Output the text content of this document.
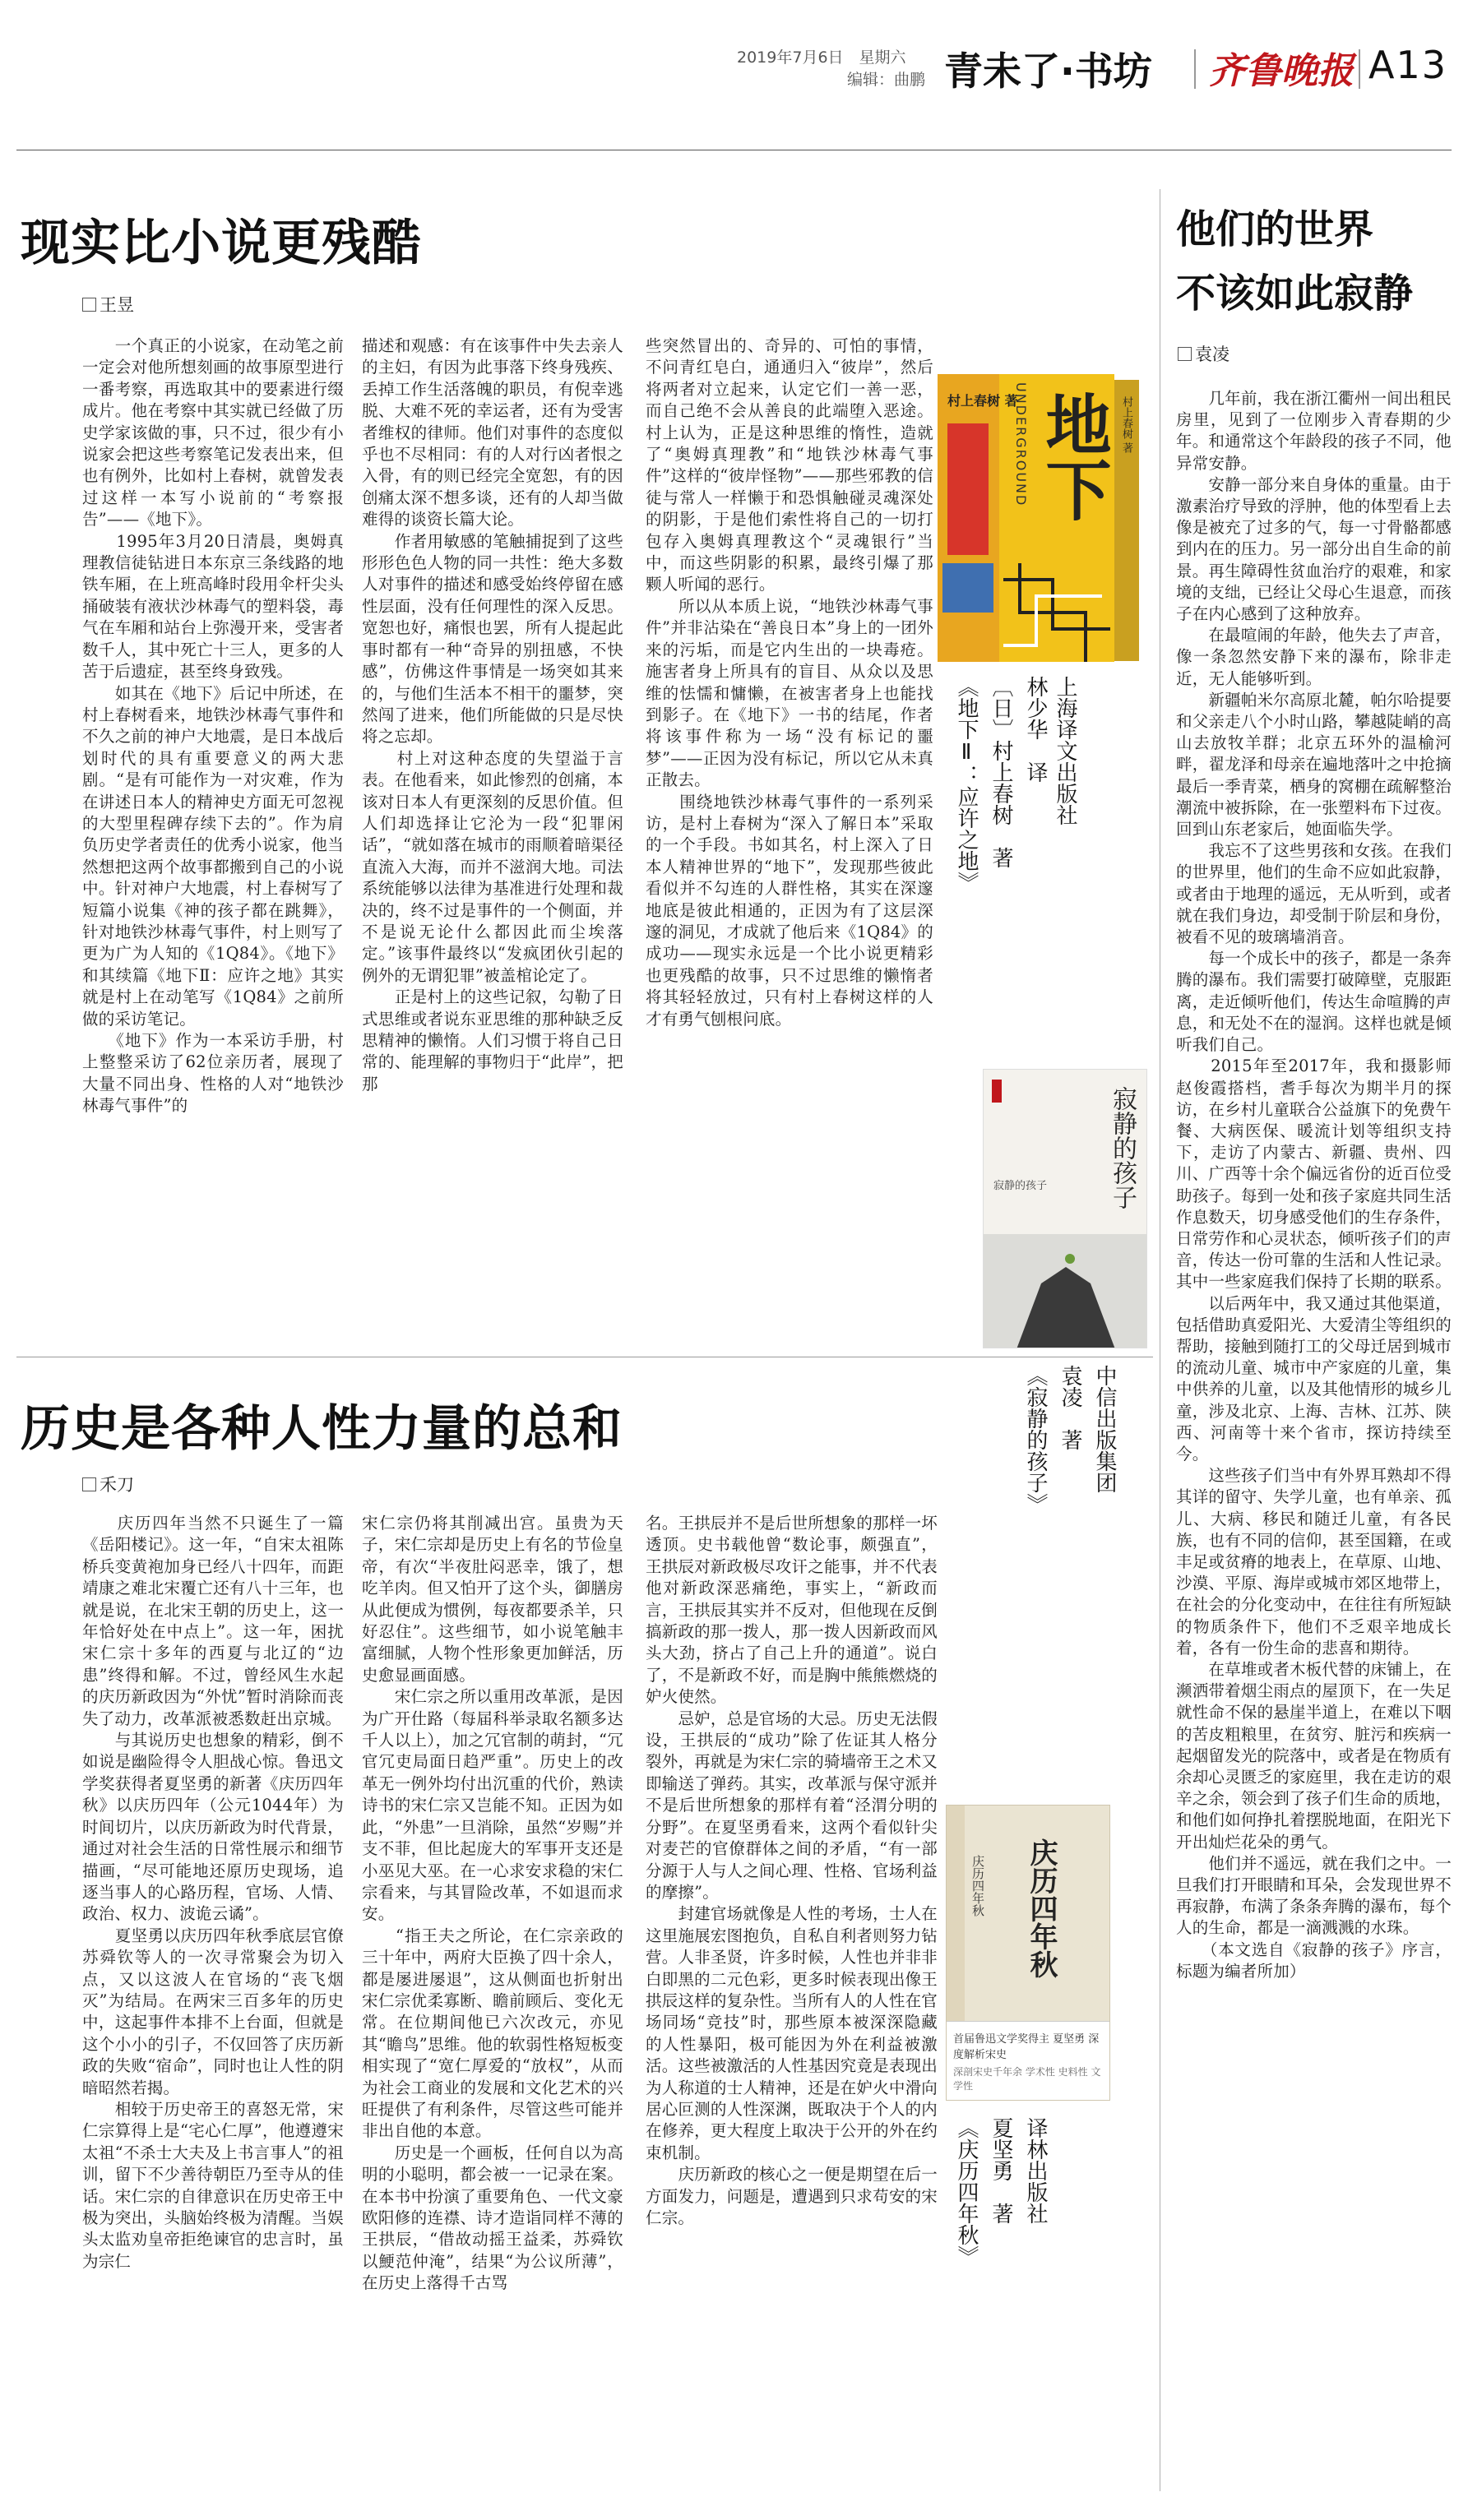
2019年7月6日　星期六
编辑：曲鹏 青未了·书坊 齐鲁晚报 A13
现实比小说更残酷
王昱
　　一个真正的小说家，在动笔之前一定会对他所想刻画的故事原型进行一番考察，再选取其中的要素进行缀成片。他在考察中其实就已经做了历史学家该做的事，只不过，很少有小说家会把这些考察笔记发表出来，但也有例外，比如村上春树，就曾发表过这样一本写小说前的“考察报告”——《地下》。
　　1995年3月20日清晨，奥姆真理教信徒钻进日本东京三条线路的地铁车厢，在上班高峰时段用伞杆尖头捅破装有液状沙林毒气的塑料袋，毒气在车厢和站台上弥漫开来，受害者数千人，其中死亡十三人，更多的人苦于后遗症，甚至终身致残。
　　如其在《地下》后记中所述，在村上春树看来，地铁沙林毒气事件和不久之前的神户大地震，是日本战后划时代的具有重要意义的两大悲剧。“是有可能作为一对灾难，作为在讲述日本人的精神史方面无可忽视的大型里程碑存续下去的”。作为肩负历史学者责任的优秀小说家，他当然想把这两个故事都搬到自己的小说中。针对神户大地震，村上春树写了短篇小说集《神的孩子都在跳舞》，针对地铁沙林毒气事件，村上则写了更为广为人知的《1Q84》。《地下》和其续篇《地下Ⅱ：应许之地》其实就是村上在动笔写《1Q84》之前所做的采访笔记。
　　《地下》作为一本采访手册，村上整整采访了62位亲历者，展现了大量不同出身、性格的人对“地铁沙林毒气事件”的
描述和观感：有在该事件中失去亲人的主妇，有因为此事落下终身残疾、丢掉工作生活落魄的职员，有倪幸逃脱、大难不死的幸运者，还有为受害者维权的律师。他们对事件的态度似乎也不尽相同：有的人对行凶者恨之入骨，有的则已经完全宽恕，有的因创痛太深不想多谈，还有的人却当做难得的谈资长篇大论。
　　作者用敏感的笔触捕捉到了这些形形色色人物的同一共性：绝大多数人对事件的描述和感受始终停留在感性层面，没有任何理性的深入反思。宽恕也好，痛恨也罢，所有人提起此事时都有一种“奇异的别扭感，不快感”，仿佛这件事情是一场突如其来的，与他们生活本不相干的噩梦，突然闯了进来，他们所能做的只是尽快将之忘却。
　　村上对这种态度的失望溢于言表。在他看来，如此惨烈的创痛，本该对日本人有更深刻的反思价值。但人们却选择让它沦为一段“犯罪闲话”，“就如落在城市的雨顺着暗渠径直流入大海，而并不滋润大地。司法系统能够以法律为基准进行处理和裁决的，终不过是事件的一个侧面，并不是说无论什么都因此而尘埃落定。”该事件最终以“发疯团伙引起的例外的无谓犯罪”被盖棺论定了。
　　正是村上的这些记叙，勾勒了日式思维或者说东亚思维的那种缺乏反思精神的懒惰。人们习惯于将自己日常的、能理解的事物归于“此岸”，把那
些突然冒出的、奇异的、可怕的事情，不问青红皂白，通通归入“彼岸”，然后将两者对立起来，认定它们一善一恶，而自己绝不会从善良的此端堕入恶途。村上认为，正是这种思维的惰性，造就了“奥姆真理教”和“地铁沙林毒气事件”这样的“彼岸怪物”——那些邪教的信徒与常人一样懒于和恐惧触碰灵魂深处的阴影，于是他们索性将自己的一切打包存入奥姆真理教这个“灵魂银行”当中，而这些阴影的积累，最终引爆了那颗人听闻的恶行。
　　所以从本质上说，“地铁沙林毒气事件”并非沾染在“善良日本”身上的一团外来的污垢，而是它内生出的一块毒疮。施害者身上所具有的盲目、从众以及思维的怯懦和慵懒，在被害者身上也能找到影子。在《地下》一书的结尾，作者将该事件称为一场“没有标记的噩梦”——正因为没有标记，所以它从未真正散去。
　　围绕地铁沙林毒气事件的一系列采访，是村上春树为“深入了解日本”采取的一个手段。书如其名，村上深入了日本人精神世界的“地下”，发现那些彼此看似并不勾连的人群性格，其实在深邃地底是彼此相通的，正因为有了这层深邃的洞见，才成就了他后来《1Q84》的成功——现实永远是一个比小说更精彩也更残酷的故事，只不过思维的懒惰者将其轻轻放过，只有村上春树这样的人才有勇气刨根问底。
村上春树 著
UNDERGROUND 地下 村上春树 著
《地下Ⅱ：应许之地》 〔日〕村上春树　著 林少华　译 上海译文出版社
历史是各种人性力量的总和
禾刀
　　庆历四年当然不只诞生了一篇《岳阳楼记》。这一年，“自宋太祖陈桥兵变黄袍加身已经八十四年，而距靖康之难北宋覆亡还有八十三年，也就是说，在北宋王朝的历史上，这一年恰好处在中点上”。这一年，困扰宋仁宗十多年的西夏与北辽的“边患”终得和解。不过，曾经风生水起的庆历新政因为“外忧”暂时消除而丧失了动力，改革派被悉数赶出京城。
　　与其说历史也想象的精彩，倒不如说是幽险得令人胆战心惊。鲁迅文学奖获得者夏坚勇的新著《庆历四年秋》以庆历四年（公元1044年）为时间切片，以庆历新政为时代背景，通过对社会生活的日常性展示和细节描画，“尽可能地还原历史现场，追逐当事人的心路历程，官场、人情、政治、权力、波诡云谲”。
　　夏坚勇以庆历四年秋季底层官僚苏舜钦等人的一次寻常聚会为切入点，又以这波人在官场的“丧飞烟灭”为结局。在两宋三百多年的历史中，这起事件本排不上台面，但就是这个小小的引子，不仅回答了庆历新政的失败“宿命”，同时也让人性的阴暗昭然若揭。
　　相较于历史帝王的喜怒无常，宋仁宗算得上是“宅心仁厚”，他遵遵宋太祖“不杀士大夫及上书言事人”的祖训，留下不少善待朝臣乃至寺从的佳话。宋仁宗的自律意识在历史帝王中极为突出，头脑始终极为清醒。当娱头太监劝皇帝拒绝谏官的忠言时，虽为宗仁
宋仁宗仍将其削减出宫。虽贵为天子，宋仁宗却是历史上有名的节俭皇帝，有次“半夜肚闷恶幸，饿了，想吃羊肉。但又怕开了这个头，御膳房从此便成为惯例，每夜都要杀羊，只好忍住”。这些细节，如小说笔触丰富细腻，人物个性形象更加鲜活，历史愈显画面感。
　　宋仁宗之所以重用改革派，是因为广开仕路（每届科举录取名额多达千人以上），加之冗官制的萌封，“冗官冗吏局面日趋严重”。历史上的改革无一例外均付出沉重的代价，熟读诗书的宋仁宗又岂能不知。正因为如此，“外患”一旦消除，虽然“岁赐”并支不菲，但比起庞大的军事开支还是小巫见大巫。在一心求安求稳的宋仁宗看来，与其冒险改革，不如退而求安。
　　“指王夫之所论，在仁宗亲政的三十年中，两府大臣换了四十余人，都是屡进屡退”，这从侧面也折射出宋仁宗优柔寡断、瞻前顾后、变化无常。在位期间他已六次改元，亦见其“瞻鸟”思维。他的软弱性格短板变相实现了“宽仁厚爱的“放权”，从而为社会工商业的发展和文化艺术的兴旺提供了有利条件，尽管这些可能并非出自他的本意。
　　历史是一个画板，任何自以为高明的小聪明，都会被一一记录在案。在本书中扮演了重要角色、一代文豪欧阳修的连襟、诗才造诣同样不薄的王拱辰，“借故动摇王益柔，苏舜钦以鯁范仲淹”，结果“为公议所薄”，在历史上落得千古骂
名。王拱辰并不是后世所想象的那样一坏透顶。史书载他曾“数论事，颇强直”，王拱辰对新政极尽攻讦之能事，并不代表他对新政深恶痛绝，事实上，“新政而言，王拱辰其实并不反对，但他现在反倒搞新政的那一拨人，那一拨人因新政而风头大劲，挤占了自己上升的通道”。说白了，不是新政不好，而是胸中熊熊燃烧的妒火使然。
　　忌妒，总是官场的大忌。历史无法假设，王拱辰的“成功”除了佐证其人格分裂外，再就是为宋仁宗的骑墙帝王之术又即输送了弹药。其实，改革派与保守派并不是后世所想象的那样有着“泾渭分明的分野”。在夏坚勇看来，这两个看似针尖对麦芒的官僚群体之间的矛盾，“有一部分源于人与人之间心理、性格、官场利益的摩擦”。
　　封建官场就像是人性的考场，士人在这里施展宏图抱负，自私自利者则努力钻营。人非圣贤，许多时候，人性也并非非白即黑的二元色彩，更多时候表现出像王拱辰这样的复杂性。当所有人的人性在官场同场“竞技”时，那些原本被深深隐藏的人性暴阳，极可能因为外在利益被激活。这些被激活的人性基因究竟是表现出为人称道的士人精神，还是在妒火中滑向居心叵测的人性深渊，既取决于个人的内在修养，更大程度上取决于公开的外在约束机制。
　　庆历新政的核心之一便是期望在后一方面发力，问题是，遭遇到只求苟安的宋仁宗。
庆历四年秋 庆历四年秋
首届鲁迅文学奖得主 夏坚勇 深度解析宋史
深剖宋史千年余 学术性 史料性 文学性
《庆历四年秋》 夏坚勇　著 译林出版社
寂静的孩子
寂静的孩子
《寂静的孩子》 袁凌　著 中信出版集团
他们的世界
不该如此寂静
袁凌
　　几年前，我在浙江衢州一间出租民房里，见到了一位刚步入青春期的少年。和通常这个年龄段的孩子不同，他异常安静。
　　安静一部分来自身体的重量。由于激素治疗导致的浮肿，他的体型看上去像是被充了过多的气，每一寸骨骼都感到内在的压力。另一部分出自生命的前景。再生障碍性贫血治疗的艰难，和家境的支绌，已经让父母心生退意，而孩子在内心感到了这种放弃。
　　在最喧闹的年龄，他失去了声音，像一条忽然安静下来的瀑布，除非走近，无人能够听到。
　　新疆帕米尔高原北麓，帕尔哈提要和父亲走八个小时山路，攀越陡峭的高山去放牧羊群；北京五环外的温榆河畔，翟龙泽和母亲在遍地落叶之中抢摘最后一季青菜，栖身的窝棚在疏解整治潮流中被拆除，在一张塑料布下过夜。回到山东老家后，她面临失学。
　　我忘不了这些男孩和女孩。在我们的世界里，他们的生命不应如此寂静，或者由于地理的遥远，无从听到，或者就在我们身边，却受制于阶层和身份，被看不见的玻璃墙消音。
　　每一个成长中的孩子，都是一条奔腾的瀑布。我们需要打破障壁，克服距离，走近倾听他们，传达生命喧腾的声息，和无处不在的湿润。这样也就是倾听我们自己。
　　2015年至2017年，我和摄影师赵俊霞搭档，耆手每次为期半月的探访，在乡村儿童联合公益旗下的免费午餐、大病医保、暖流计划等组织支持下，走访了内蒙古、新疆、贵州、四川、广西等十余个偏远省份的近百位受助孩子。每到一处和孩子家庭共同生活作息数天，切身感受他们的生存条件，日常劳作和心灵状态，倾听孩子们的声音，传达一份可靠的生活和人性记录。其中一些家庭我们保持了长期的联系。
　　以后两年中，我又通过其他渠道，包括借助真爱阳光、大爱清尘等组织的帮助，接触到随打工的父母迁居到城市的流动儿童、城市中产家庭的儿童，集中供养的儿童，以及其他情形的城乡儿童，涉及北京、上海、吉林、江苏、陕西、河南等十来个省市，探访持续至今。
　　这些孩子们当中有外界耳熟却不得其详的留守、失学儿童，也有单亲、孤儿、大病、移民和随迁儿童，有各民族，也有不同的信仰，甚至国籍，在或丰足或贫瘠的地表上，在草原、山地、沙漠、平原、海岸或城市郊区地带上，在社会的分化变动中，在往往有所短缺的物质条件下，他们不乏艰辛地成长着，各有一份生命的悲喜和期待。
　　在草堆或者木板代替的床铺上，在濒洒带着烟尘雨点的屋顶下，在一失足就性命不保的悬崖半道上，在难以下咽的苦皮粗粮里，在贫穷、脏污和疾病一起烟留发光的院落中，或者是在物质有余却心灵匮乏的家庭里，我在走访的艰辛之余，领会到了孩子们生命的质地，和他们如何挣扎着摆脱地面，在阳光下开出灿烂花朵的勇气。
　　他们并不遥远，就在我们之中。一旦我们打开眼睛和耳朵，会发现世界不再寂静，布满了条条奔腾的瀑布，每个人的生命，都是一滴溅溅的水珠。
　　（本文选自《寂静的孩子》序言，标题为编者所加）
